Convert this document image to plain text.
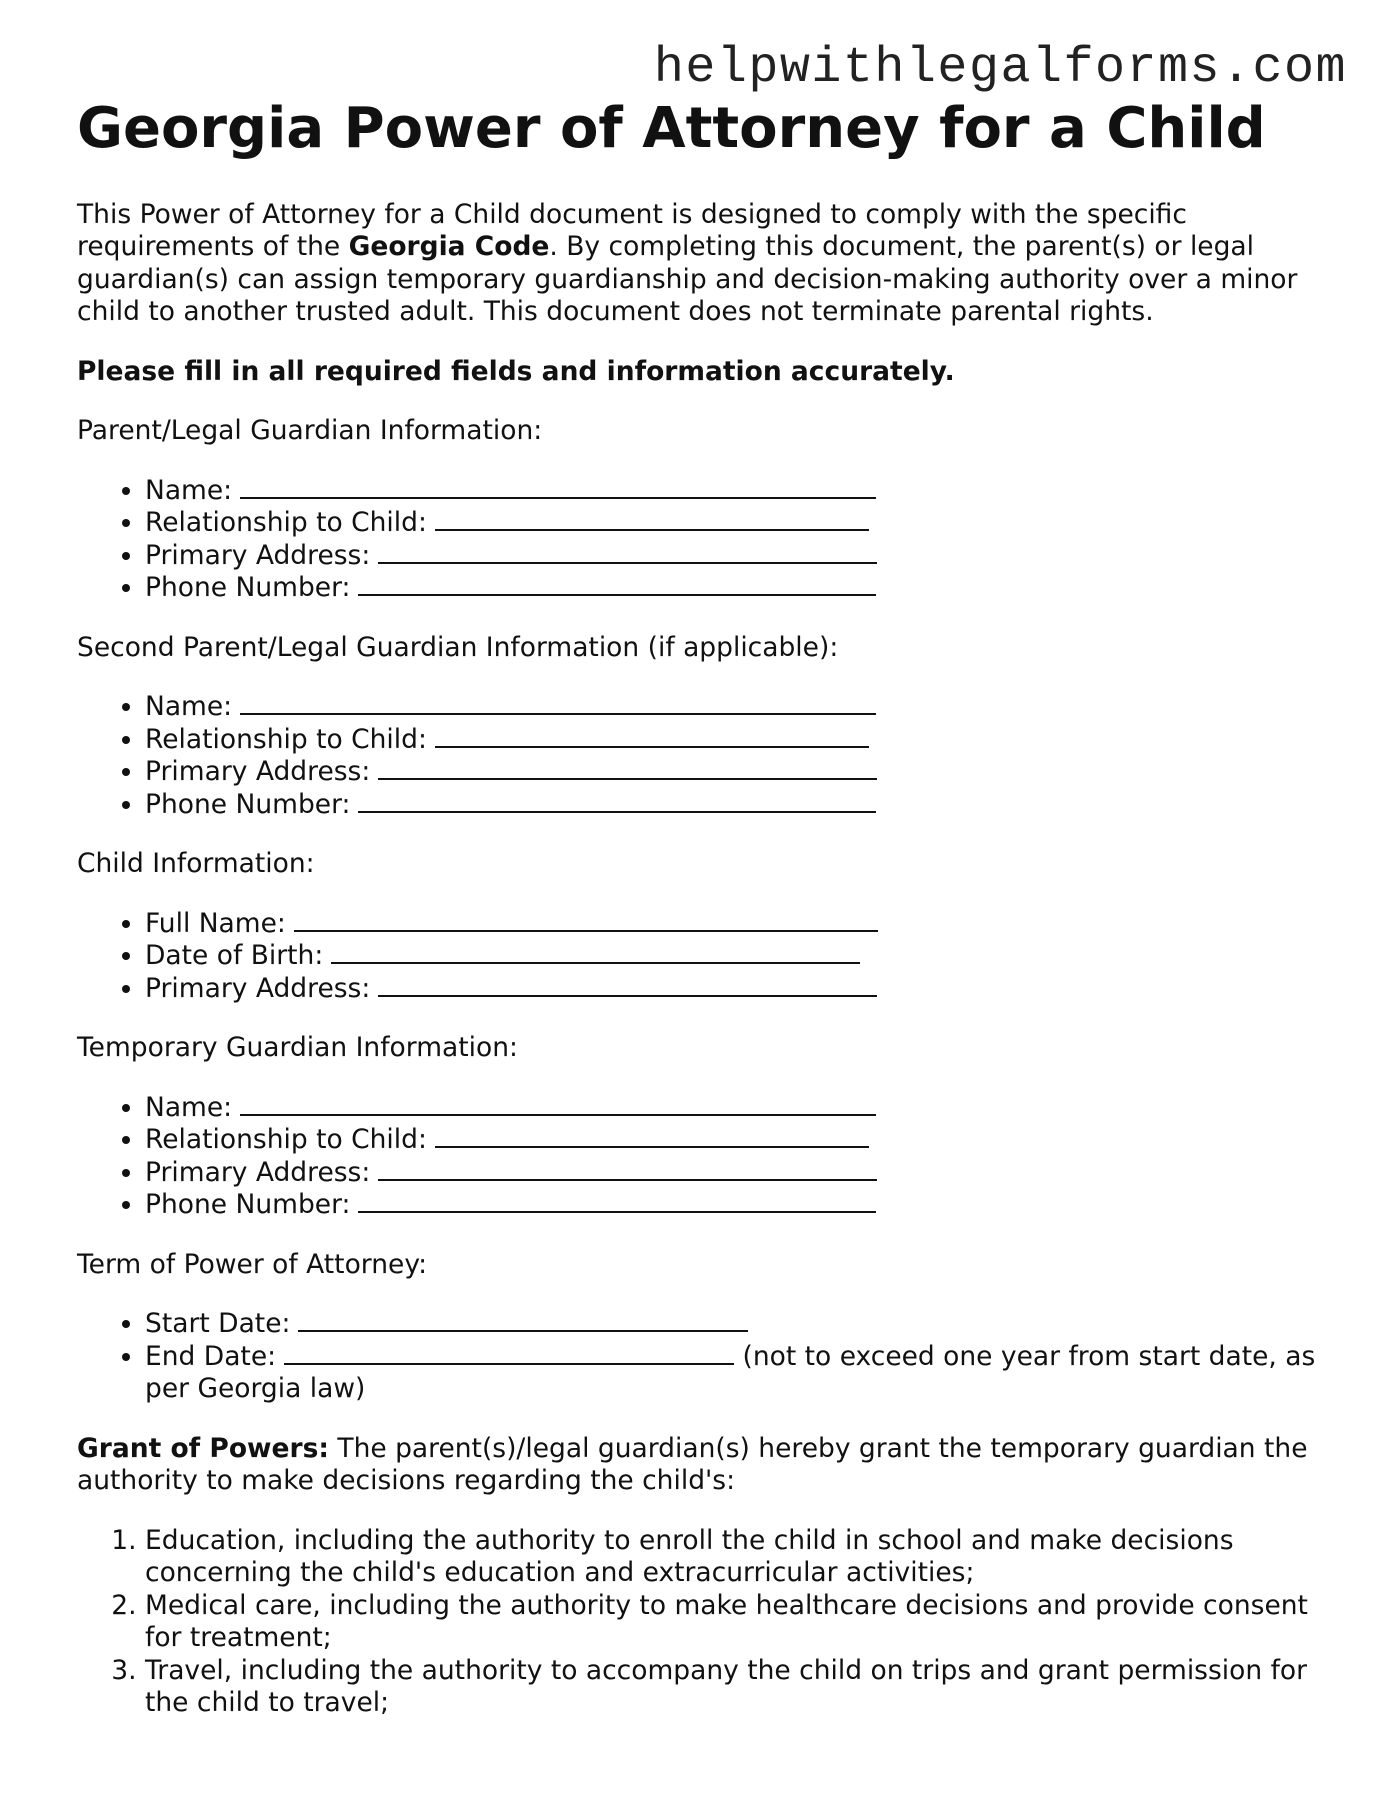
helpwithlegalforms.com
Georgia Power of Attorney for a Child

This Power of Attorney for a Child document is designed to comply with the specific requirements of the Georgia Code. By completing this document, the parent(s) or legal guardian(s) can assign temporary guardianship and decision-making authority over a minor child to another trusted adult. This document does not terminate parental rights.

Please fill in all required fields and information accurately.

Parent/Legal Guardian Information:

• Name:
• Relationship to Child:
• Primary Address:
• Phone Number:

Second Parent/Legal Guardian Information (if applicable):

• Name:
• Relationship to Child:
• Primary Address:
• Phone Number:

Child Information:

• Full Name:
• Date of Birth:
• Primary Address:

Temporary Guardian Information:

• Name:
• Relationship to Child:
• Primary Address:
• Phone Number:

Term of Power of Attorney:

• Start Date:
• End Date:	(not to exceed one year from start date, as per Georgia law)

Grant of Powers: The parent(s)/legal guardian(s) hereby grant the temporary guardian the authority to make decisions regarding the child's:

1. Education, including the authority to enroll the child in school and make decisions concerning the child's education and extracurricular activities;
2. Medical care, including the authority to make healthcare decisions and provide consent for treatment;
3. Travel, including the authority to accompany the child on trips and grant permission for the child to travel;
